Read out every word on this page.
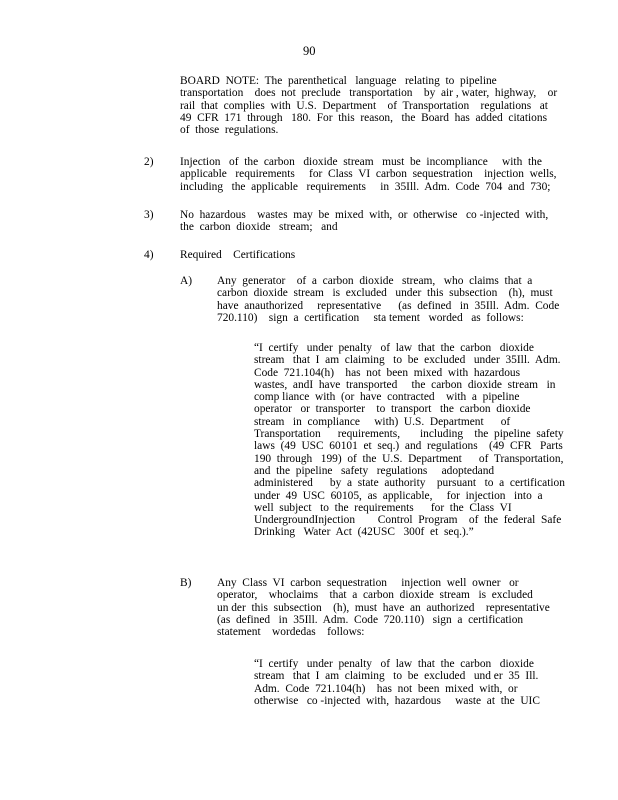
90
BOARD  NOTE:  The  parenthetical   language   relating  to  pipeline
transportation    does  not  preclude   transportation    by  air , water,  highway,    or
rail  that  complies  with  U.S.  Department    of  Transportation    regulations   at
49  CFR  171  through   180.  For  this  reason,   the  Board  has  added  citations
of  those  regulations.
2) Injection   of  the  carbon   dioxide  stream   must  be  incompliance     with  the
applicable   requirements     for  Class  VI  carbon  sequestration    injection  wells,
including   the  applicable   requirements     in  35Ill.  Adm.  Code  704  and  730;
3) No  hazardous    wastes  may  be  mixed  with,  or  otherwise   co -injected  with,
the  carbon  dioxide   stream;   and
4) Required    Certifications
A) Any  generator    of  a  carbon  dioxide   stream,   who  claims  that  a
carbon  dioxide  stream   is  excluded   under  this  subsection    (h),  must
have  anauthorized     representative      (as  defined   in  35Ill.  Adm.  Code
720.110)    sign  a  certification     sta tement   worded   as  follows:
“I  certify   under  penalty   of  law  that  the  carbon   dioxide
stream   that  I  am  claiming   to  be  excluded   under  35Ill.  Adm.
Code  721.104(h)    has  not  been  mixed  with  hazardous
wastes,  andI  have  transported     the  carbon  dioxide  stream   in
comp liance  with  (or  have  contracted    with  a  pipeline
operator   or  transporter    to  transport   the  carbon  dioxide
stream   in  compliance     with)  U.S.  Department      of
Transportation      requirements,       including    the  pipeline  safety
laws  (49  USC  60101  et  seq.)  and  regulations    (49  CFR   Parts
190  through   199)  of  the  U.S.  Department      of  Transportation,
and  the  pipeline   safety   regulations     adoptedand
administered      by  a  state  authority    pursuant   to  a  certification
under  49  USC  60105,  as  applicable,     for  injection   into  a
well  subject   to  the  requirements      for  the  Class  VI
UndergroundInjection        Control  Program    of  the  federal  Safe
Drinking   Water  Act  (42USC   300f  et  seq.).”
B) Any  Class  VI  carbon  sequestration     injection  well  owner   or
operator,    whoclaims    that  a  carbon  dioxide  stream   is  excluded
un der  this  subsection    (h),  must  have  an  authorized    representative
(as  defined   in  35Ill.  Adm.  Code  720.110)   sign  a  certification
statement    wordedas    follows:
“I  certify   under  penalty   of  law  that  the  carbon   dioxide
stream   that  I  am  claiming   to  be  excluded   und er  35  Ill.
Adm.  Code  721.104(h)    has  not  been  mixed  with,  or
otherwise   co -injected  with,  hazardous     waste  at  the  UIC
